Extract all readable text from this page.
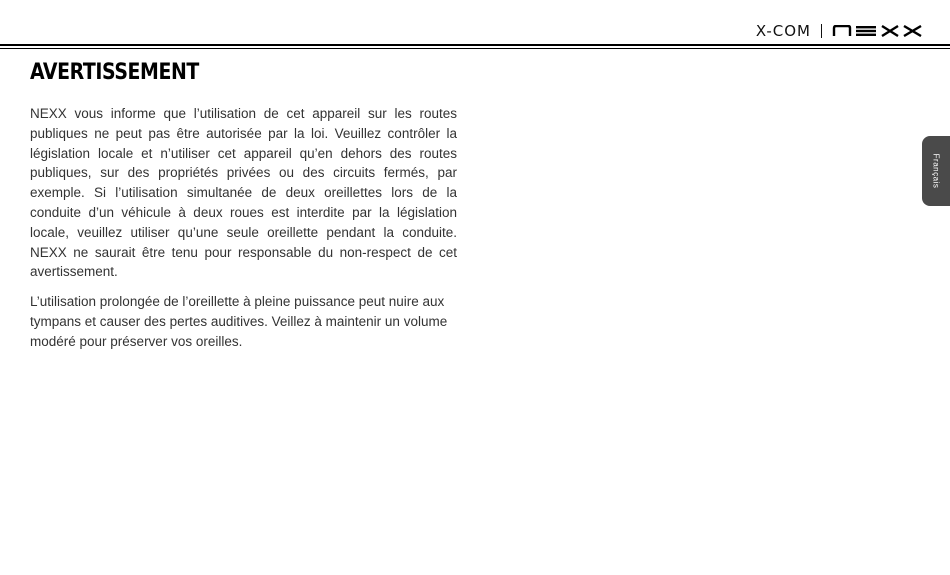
X-COM
AVERTISSEMENT

NEXX vous informe que l’utilisation de cet appareil sur les routes publiques ne peut pas être autorisée par la loi. Veuillez contrôler la législation locale et n’utiliser cet appareil qu’en dehors des routes publiques, sur des propriétés privées ou des circuits fermés, par exemple. Si l’utilisation simultanée de deux oreillettes lors de la conduite d’un véhicule à deux roues est interdite par la législation locale, veuillez utiliser qu’une seule oreillette pendant la conduite. NEXX ne saurait être tenu pour responsable du non-respect de cet avertissement.

L’utilisation prolongée de l’oreillette à pleine puissance peut nuire aux tympans et causer des pertes auditives. Veillez à maintenir un volume modéré pour préserver vos oreilles.

Français
